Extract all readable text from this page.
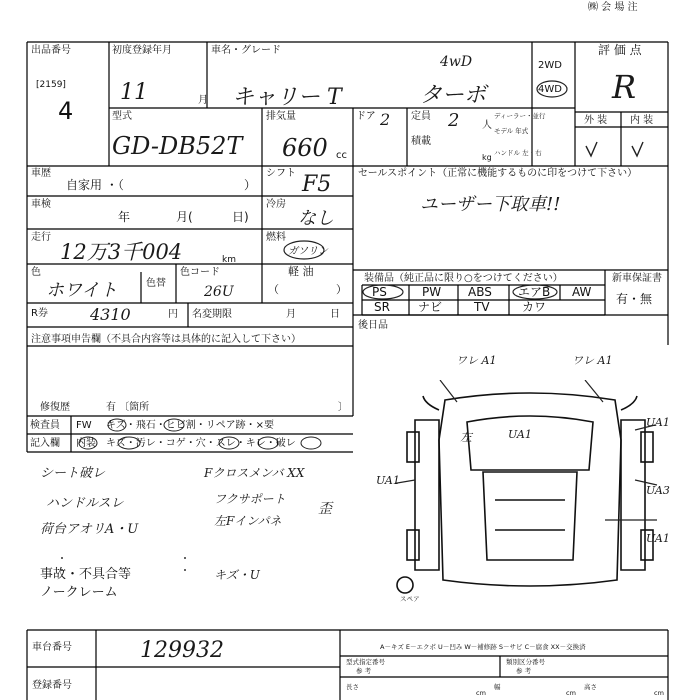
㈱ 会 場 注
出品番号
[2159]
4
初度登録年月
11	月
車名・グレード
キャリー T	ターボ
4wD	2WD
4WD
評 価 点
R
外 装 内 装
型式
GD-DB52T
排気量
660 cc
ドア 2 定員 2 人
積載
kg
ディーラー・並行
モデル 年式
ハンドル 左・右
車歴
自家用 ・（	）
シフト F5
車検
年	月(	日)
冷房
なし
走行
12万3千004	km
燃料
ガソリン
軽 油
（	）
色
ホワイト	色替
色コード
26U
R券	4310	円 名変期限	月	日
セールスポイント（正常に機能するものに印をつけて下さい）
ユーザー下取車!!
装備品（純正品に限り○をつけてください）
PS	PW ABS エアB AW
SR ナビ	TV	カワ
新車保証書
有・無
後日品
注意事項申告欄（不具合内容等は具体的に記入して下さい）
修復歴	有 〔箇所	〕
検査員
記入欄
FW
内装
キズ・飛石・ヒビ割・リペア跡・×要
キズ・汚レ・コゲ・穴・スレ・キレ・破レ
シート破レ
ハンドルスレ
荷台アオリA・U
Fクロスメンバ XX
フクサポート
左Fインパネ
歪
事故・不具合等
ノークレーム
キズ・U
ワレ A1	ワレ A1
左	UA1
UA1
UA1
UA3
UA1
スペア
車台番号	129932
登録番号
A－キズ E－エクボ U－凹み W－補修跡 S－サビ C－腐食 XX－交換済
型式指定番号
参 考
類別区分番号
参 考
長さ
cm
幅
cm
高さ
cm
